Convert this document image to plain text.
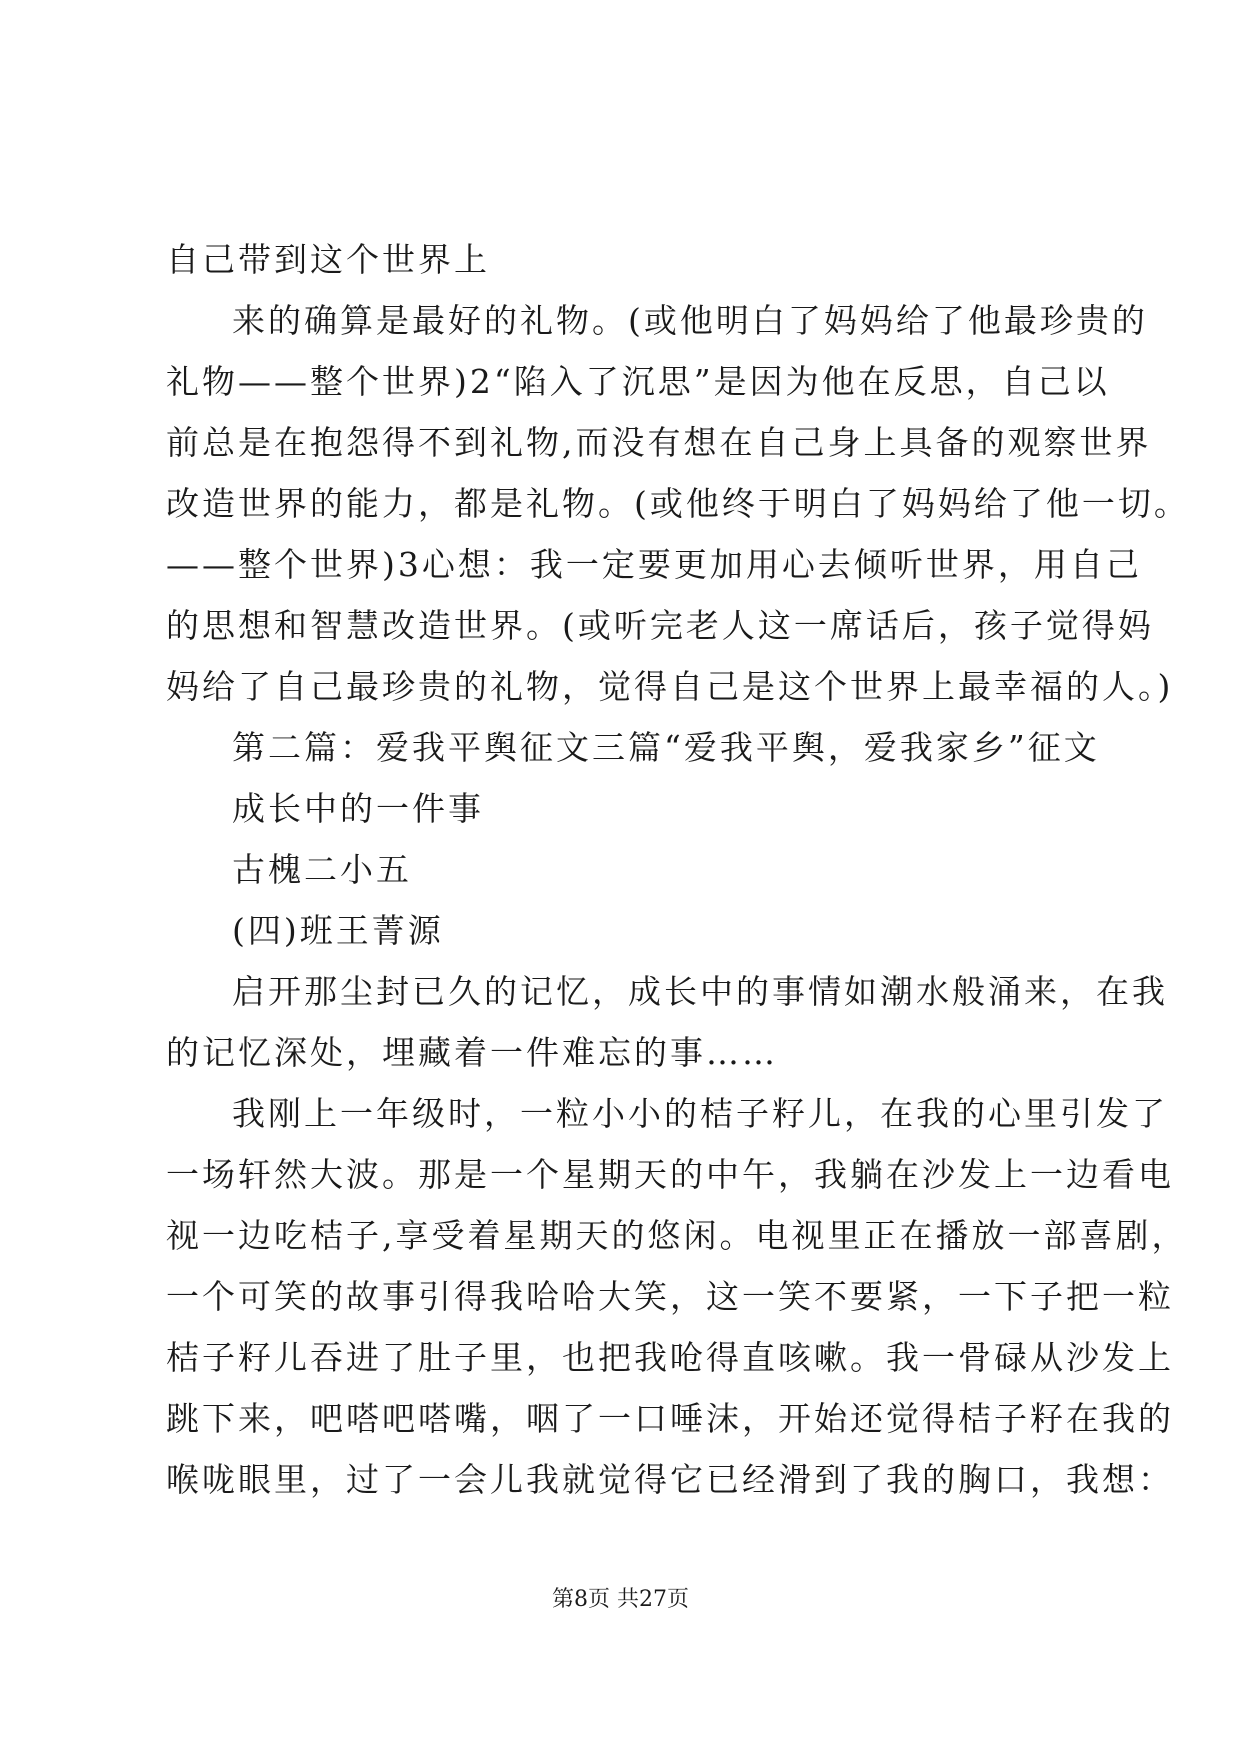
自己带到这个世界上
来的确算是最好的礼物。(或他明白了妈妈给了他最珍贵的
礼物——整个世界)2“陷入了沉思”是因为他在反思，自己以
前总是在抱怨得不到礼物,而没有想在自己身上具备的观察世界
改造世界的能力，都是礼物。(或他终于明白了妈妈给了他一切。
——整个世界)3心想：我一定要更加用心去倾听世界，用自己
的思想和智慧改造世界。(或听完老人这一席话后，孩子觉得妈
妈给了自己最珍贵的礼物，觉得自己是这个世界上最幸福的人。)
第二篇：爱我平舆征文三篇“爱我平舆，爱我家乡”征文
成长中的一件事
古槐二小五
(四)班王菁源
启开那尘封已久的记忆，成长中的事情如潮水般涌来，在我
的记忆深处，埋藏着一件难忘的事……
我刚上一年级时，一粒小小的桔子籽儿，在我的心里引发了
一场轩然大波。那是一个星期天的中午，我躺在沙发上一边看电
视一边吃桔子,享受着星期天的悠闲。电视里正在播放一部喜剧，
一个可笑的故事引得我哈哈大笑，这一笑不要紧，一下子把一粒
桔子籽儿吞进了肚子里，也把我呛得直咳嗽。我一骨碌从沙发上
跳下来，吧嗒吧嗒嘴，咽了一口唾沫，开始还觉得桔子籽在我的
喉咙眼里，过了一会儿我就觉得它已经滑到了我的胸口，我想：
第8页 共27页
